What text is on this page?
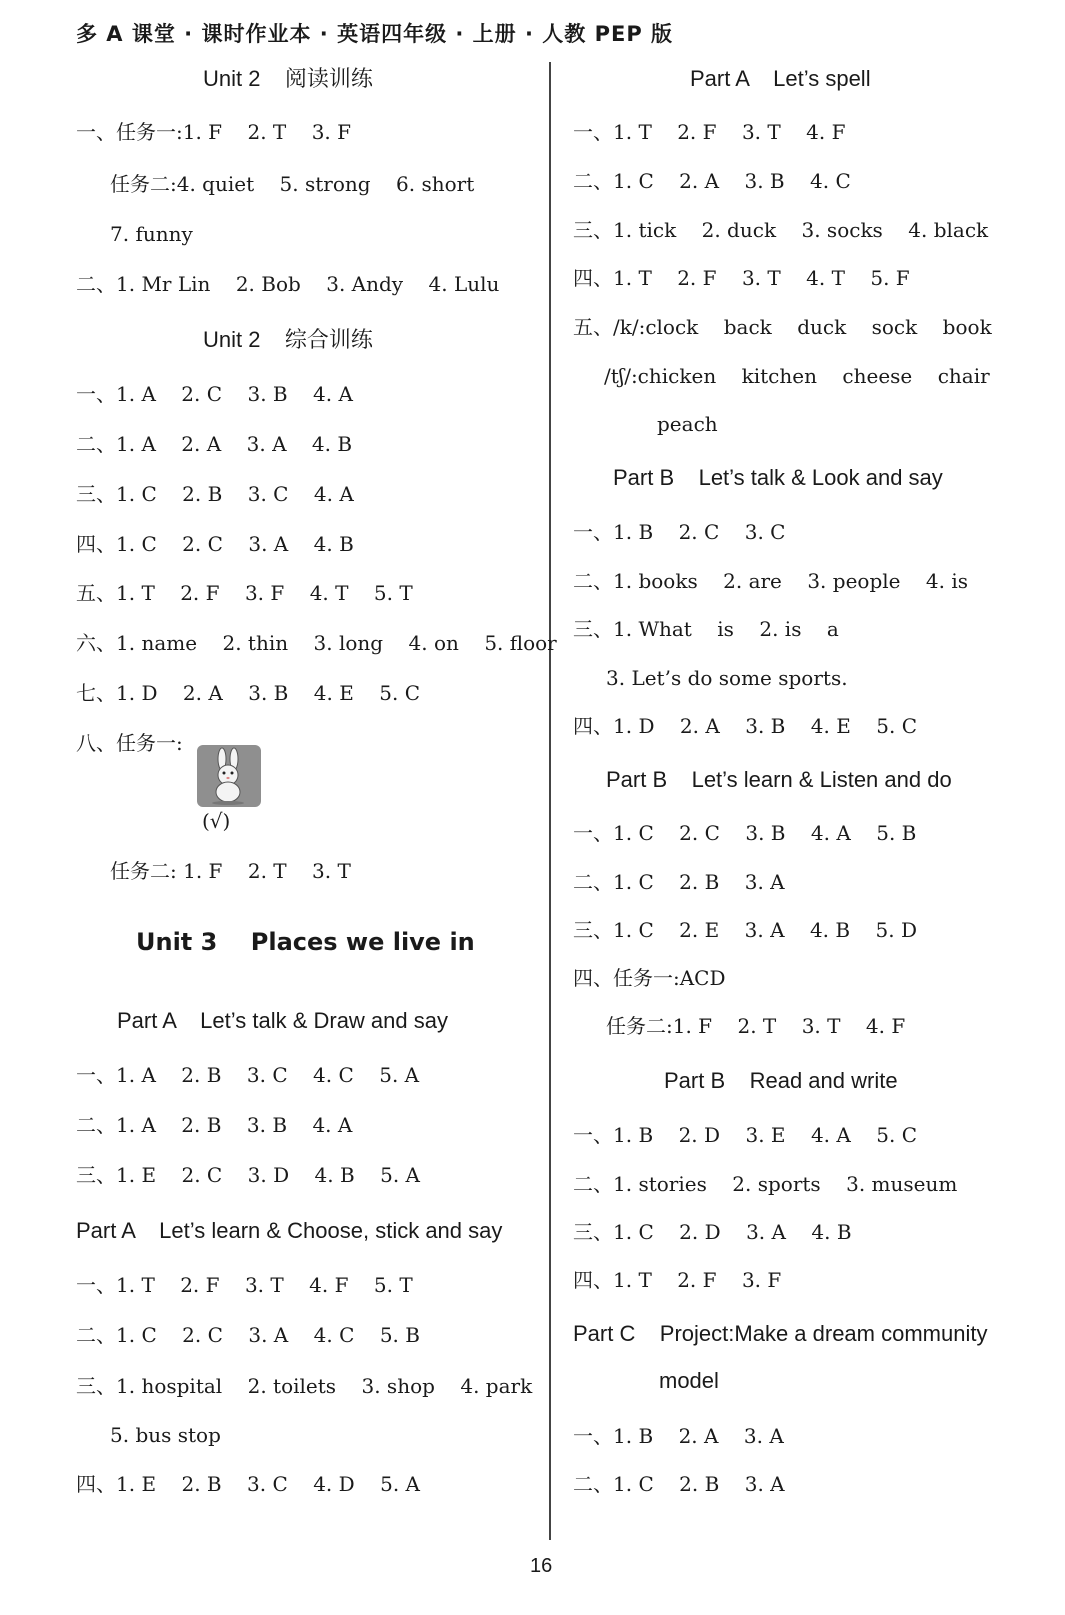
多 A 课堂 · 课时作业本 · 英语四年级 · 上册 · 人教 PEP 版
Unit 2    阅读训练
一、任务一:1. F    2. T    3. F
任务二:4. quiet    5. strong    6. short
7. funny
二、1. Mr Lin    2. Bob    3. Andy    4. Lulu
Unit 2    综合训练
一、1. A    2. C    3. B    4. A
二、1. A    2. A    3. A    4. B
三、1. C    2. B    3. C    4. A
四、1. C    2. C    3. A    4. B
五、1. T    2. F    3. F    4. T    5. T
六、1. name    2. thin    3. long    4. on    5. floor
七、1. D    2. A    3. B    4. E    5. C
八、任务一:
(√)
任务二: 1. F    2. T    3. T
Unit 3    Places we live in
Part A    Let’s talk & Draw and say
一、1. A    2. B    3. C    4. C    5. A
二、1. A    2. B    3. B    4. A
三、1. E    2. C    3. D    4. B    5. A
Part A    Let’s learn & Choose, stick and say
一、1. T    2. F    3. T    4. F    5. T
二、1. C    2. C    3. A    4. C    5. B
三、1. hospital    2. toilets    3. shop    4. park
5. bus stop
四、1. E    2. B    3. C    4. D    5. A
Part A    Let’s spell
一、1. T    2. F    3. T    4. F
二、1. C    2. A    3. B    4. C
三、1. tick    2. duck    3. socks    4. black
四、1. T    2. F    3. T    4. T    5. F
五、/k/:clock    back    duck    sock    book
/tʃ/:chicken    kitchen    cheese    chair
peach
Part B    Let’s talk & Look and say
一、1. B    2. C    3. C
二、1. books    2. are    3. people    4. is
三、1. What    is    2. is    a
3. Let’s do some sports.
四、1. D    2. A    3. B    4. E    5. C
Part B    Let’s learn & Listen and do
一、1. C    2. C    3. B    4. A    5. B
二、1. C    2. B    3. A
三、1. C    2. E    3. A    4. B    5. D
四、任务一:ACD
任务二:1. F    2. T    3. T    4. F
Part B    Read and write
一、1. B    2. D    3. E    4. A    5. C
二、1. stories    2. sports    3. museum
三、1. C    2. D    3. A    4. B
四、1. T    2. F    3. F
Part C    Project:Make a dream community
model
一、1. B    2. A    3. A
二、1. C    2. B    3. A
16
